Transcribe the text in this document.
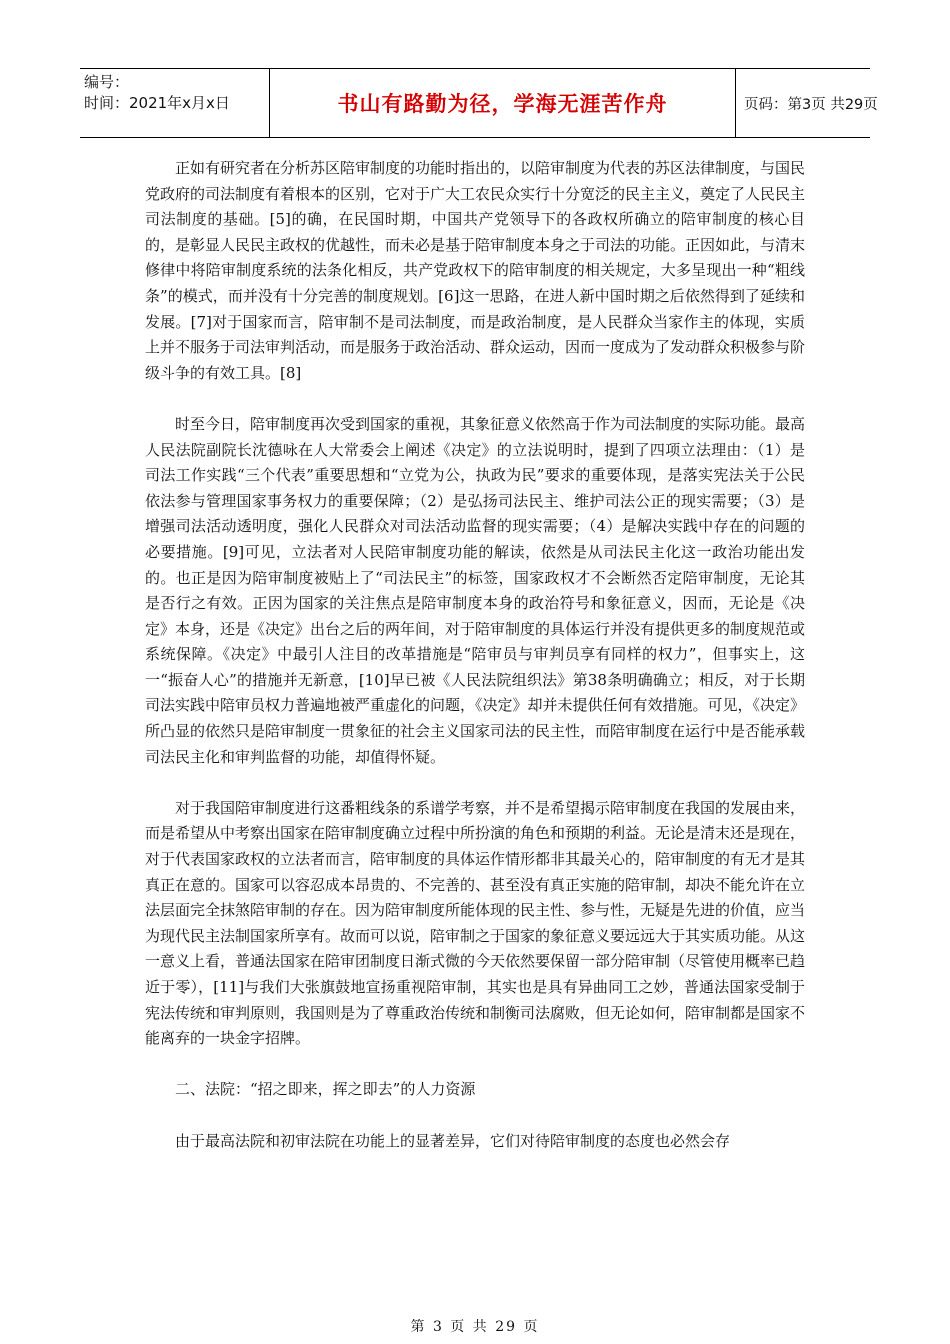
编号：
时间：2021年x月x日	书山有路勤为径，学海无涯苦作舟	页码：第3页 共29页

正如有研究者在分析苏区陪审制度的功能时指出的，以陪审制度为代表的苏区法律制度，与国民党政府的司法制度有着根本的区别，它对于广大工农民众实行十分宽泛的民主主义，奠定了人民民主司法制度的基础。[5]的确，在民国时期，中国共产党领导下的各政权所确立的陪审制度的核心目的，是彰显人民民主政权的优越性，而未必是基于陪审制度本身之于司法的功能。正因如此，与清末修律中将陪审制度系统的法条化相反，共产党政权下的陪审制度的相关规定，大多呈现出一种“粗线条”的模式，而并没有十分完善的制度规划。[6]这一思路，在进人新中国时期之后依然得到了延续和发展。[7]对于国家而言，陪审制不是司法制度，而是政治制度，是人民群众当家作主的体现，实质上并不服务于司法审判活动，而是服务于政治活动、群众运动，因而一度成为了发动群众积极参与阶级斗争的有效工具。[8]

时至今日，陪审制度再次受到国家的重视，其象征意义依然高于作为司法制度的实际功能。最高人民法院副院长沈德咏在人大常委会上阐述《决定》的立法说明时，提到了四项立法理由：（1）是司法工作实践“三个代表”重要思想和“立党为公，执政为民”要求的重要体现，是落实宪法关于公民依法参与管理国家事务权力的重要保障；（2）是弘扬司法民主、维护司法公正的现实需要；（3）是增强司法活动透明度，强化人民群众对司法活动监督的现实需要；（4）是解决实践中存在的问题的必要措施。[9]可见，立法者对人民陪审制度功能的解读，依然是从司法民主化这一政治功能出发的。也正是因为陪审制度被贴上了“司法民主”的标签，国家政权才不会断然否定陪审制度，无论其是否行之有效。正因为国家的关注焦点是陪审制度本身的政治符号和象征意义，因而，无论是《决定》本身，还是《决定》出台之后的两年间，对于陪审制度的具体运行并没有提供更多的制度规范或系统保障。《决定》中最引人注目的改革措施是“陪审员与审判员享有同样的权力”，但事实上，这一“振奋人心”的措施并无新意，[10]早已被《人民法院组织法》第38条明确确立；相反，对于长期司法实践中陪审员权力普遍地被严重虚化的问题，《决定》却并未提供任何有效措施。可见，《决定》所凸显的依然只是陪审制度一贯象征的社会主义国家司法的民主性，而陪审制度在运行中是否能承载司法民主化和审判监督的功能，却值得怀疑。

对于我国陪审制度进行这番粗线条的系谱学考察，并不是希望揭示陪审制度在我国的发展由来，而是希望从中考察出国家在陪审制度确立过程中所扮演的角色和预期的利益。无论是清末还是现在，对于代表国家政权的立法者而言，陪审制度的具体运作情形都非其最关心的，陪审制度的有无才是其真正在意的。国家可以容忍成本昂贵的、不完善的、甚至没有真正实施的陪审制，却决不能允许在立法层面完全抹煞陪审制的存在。因为陪审制度所能体现的民主性、参与性，无疑是先进的价值，应当为现代民主法制国家所享有。故而可以说，陪审制之于国家的象征意义要远远大于其实质功能。从这一意义上看，普通法国家在陪审团制度日渐式微的今天依然要保留一部分陪审制（尽管使用概率已趋近于零），[11]与我们大张旗鼓地宣扬重视陪审制，其实也是具有异曲同工之妙，普通法国家受制于宪法传统和审判原则，我国则是为了尊重政治传统和制衡司法腐败，但无论如何，陪审制都是国家不能离弃的一块金字招牌。

二、法院：“招之即来，挥之即去”的人力资源

由于最高法院和初审法院在功能上的显著差异，它们对待陪审制度的态度也必然会存

第 3 页 共 29 页
